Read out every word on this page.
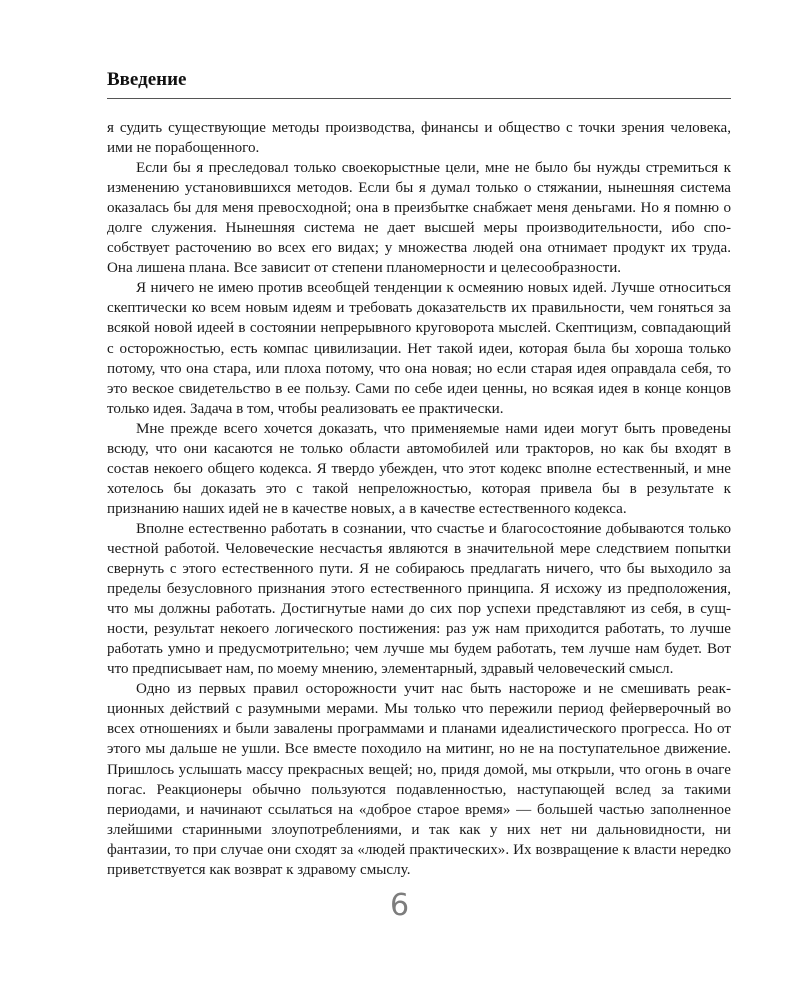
Введение

я судить существующие методы производства, финансы и общество с точки зрения человека, ими не порабощенного.

Если бы я преследовал только своекорыстные цели, мне не было бы нужды стремиться к изменению установившихся методов. Если бы я думал только о стяжании, нынешняя система оказалась бы для меня превосходной; она в преизбытке снабжает меня деньгами. Но я помню о долге служения. Нынешняя система не дает высшей меры производительности, ибо способствует расточению во всех его видах; у множества людей она отнимает продукт их труда. Она лишена плана. Все зависит от степени планомерности и целесообразности.

Я ничего не имею против всеобщей тенденции к осмеянию новых идей. Лучше относиться скептически ко всем новым идеям и требовать доказательств их правильности, чем гоняться за всякой новой идеей в состоянии непрерывного круговорота мыслей. Скептицизм, совпадающий с осторожностью, есть компас цивилизации. Нет такой идеи, которая была бы хороша только потому, что она стара, или плоха потому, что она новая; но если старая идея оправдала себя, то это веское свидетельство в ее пользу. Сами по себе идеи ценны, но всякая идея в конце концов только идея. Задача в том, чтобы реализовать ее практически.

Мне прежде всего хочется доказать, что применяемые нами идеи могут быть проведены всюду, что они касаются не только области автомобилей или тракторов, но как бы входят в состав некоего общего кодекса. Я твердо убежден, что этот кодекс вполне естественный, и мне хотелось бы доказать это с такой непреложностью, которая привела бы в результате к признанию наших идей не в качестве новых, а в качестве естественного кодекса.

Вполне естественно работать в сознании, что счастье и благосостояние добываются только честной работой. Человеческие несчастья являются в значительной мере следствием попытки свернуть с этого естественного пути. Я не собираюсь предлагать ничего, что бы выходило за пределы безусловного признания этого естественного принципа. Я исхожу из предположения, что мы должны работать. Достигнутые нами до сих пор успехи представляют из себя, в сущности, результат некоего логического постижения: раз уж нам приходится работать, то лучше работать умно и предусмотрительно; чем лучше мы будем работать, тем лучше нам будет. Вот что предписывает нам, по моему мнению, элементарный, здравый человеческий смысл.

Одно из первых правил осторожности учит нас быть настороже и не смешивать реакционных действий с разумными мерами. Мы только что пережили период фейерверочный во всех отношениях и были завалены программами и планами идеалистического прогресса. Но от этого мы дальше не ушли. Все вместе походило на митинг, но не на поступательное движение. Пришлось услышать массу прекрасных вещей; но, придя домой, мы открыли, что огонь в очаге погас. Реакционеры обычно пользуются подавленностью, наступающей вслед за такими периодами, и начинают ссылаться на «доброе старое время» — большей частью заполненное злейшими старинными злоупотреблениями, и так как у них нет ни дальновидности, ни фантазии, то при случае они сходят за «людей практических». Их возвращение к власти нередко приветствуется как возврат к здравому смыслу.

6
